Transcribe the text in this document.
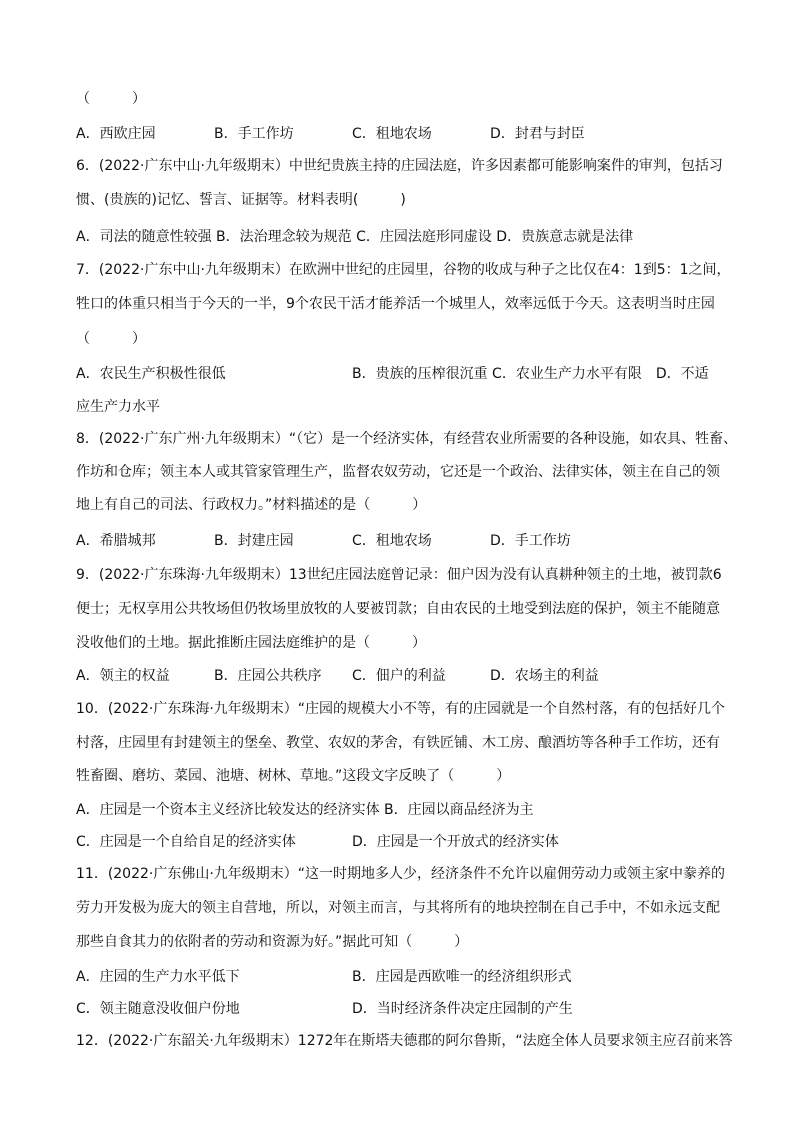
（　　　）
A．西欧庄园	B．手工作坊	C．租地农场	D．封君与封臣
6．(2022·广东中山·九年级期末）中世纪贵族主持的庄园法庭，许多因素都可能影响案件的审判，包括习
惯、(贵族的)记忆、誓言、证据等。材料表明(　　　)
A．司法的随意性较强 B．法治理念较为规范 C．庄园法庭形同虚设 D．贵族意志就是法律
7．(2022·广东中山·九年级期末）在欧洲中世纪的庄园里，谷物的收成与种子之比仅在4：1到5：1之间，
牲口的体重只相当于今天的一半，9个农民干活才能养活一个城里人，效率远低于今天。这表明当时庄园
（　　　）
A．农民生产积极性很低	B．贵族的压榨很沉重 C．农业生产力水平有限　D．不适
应生产力水平
8．(2022·广东广州·九年级期末）“（它）是一个经济实体，有经营农业所需要的各种设施，如农具、牲畜、
作坊和仓库；领主本人或其管家管理生产，监督农奴劳动，它还是一个政治、法律实体，领主在自己的领
地上有自己的司法、行政权力。”材料描述的是（　　　）
A．希腊城邦	B．封建庄园	C．租地农场	D．手工作坊
9．(2022·广东珠海·九年级期末）13世纪庄园法庭曾记录：佃户因为没有认真耕种领主的土地，被罚款6
便士；无权享用公共牧场但仍牧场里放牧的人要被罚款；自由农民的土地受到法庭的保护，领主不能随意
没收他们的土地。据此推断庄园法庭维护的是（　　　）
A．领主的权益	B．庄园公共秩序 C．佃户的利益	D．农场主的利益
10．(2022·广东珠海·九年级期末）“庄园的规模大小不等，有的庄园就是一个自然村落，有的包括好几个
村落，庄园里有封建领主的堡垒、教堂、农奴的茅舍，有铁匠铺、木工房、酿酒坊等各种手工作坊，还有
牲畜圈、磨坊、菜园、池塘、树林、草地。”这段文字反映了（　　　）
A．庄园是一个资本主义经济比较发达的经济实体 B．庄园以商品经济为主
C．庄园是一个自给自足的经济实体	D．庄园是一个开放式的经济实体
11．(2022·广东佛山·九年级期末）“这一时期地多人少，经济条件不允许以雇佣劳动力或领主家中豢养的
劳力开发极为庞大的领主自营地，所以，对领主而言，与其将所有的地块控制在自己手中，不如永远支配
那些自食其力的依附者的劳动和资源为好。”据此可知（　　　）
A．庄园的生产力水平低下	B．庄园是西欧唯一的经济组织形式
C．领主随意没收佃户份地	D．当时经济条件决定庄园制的产生
12．(2022·广东韶关·九年级期末）1272年在斯塔夫德郡的阿尔鲁斯，“法庭全体人员要求领主应召前来答
